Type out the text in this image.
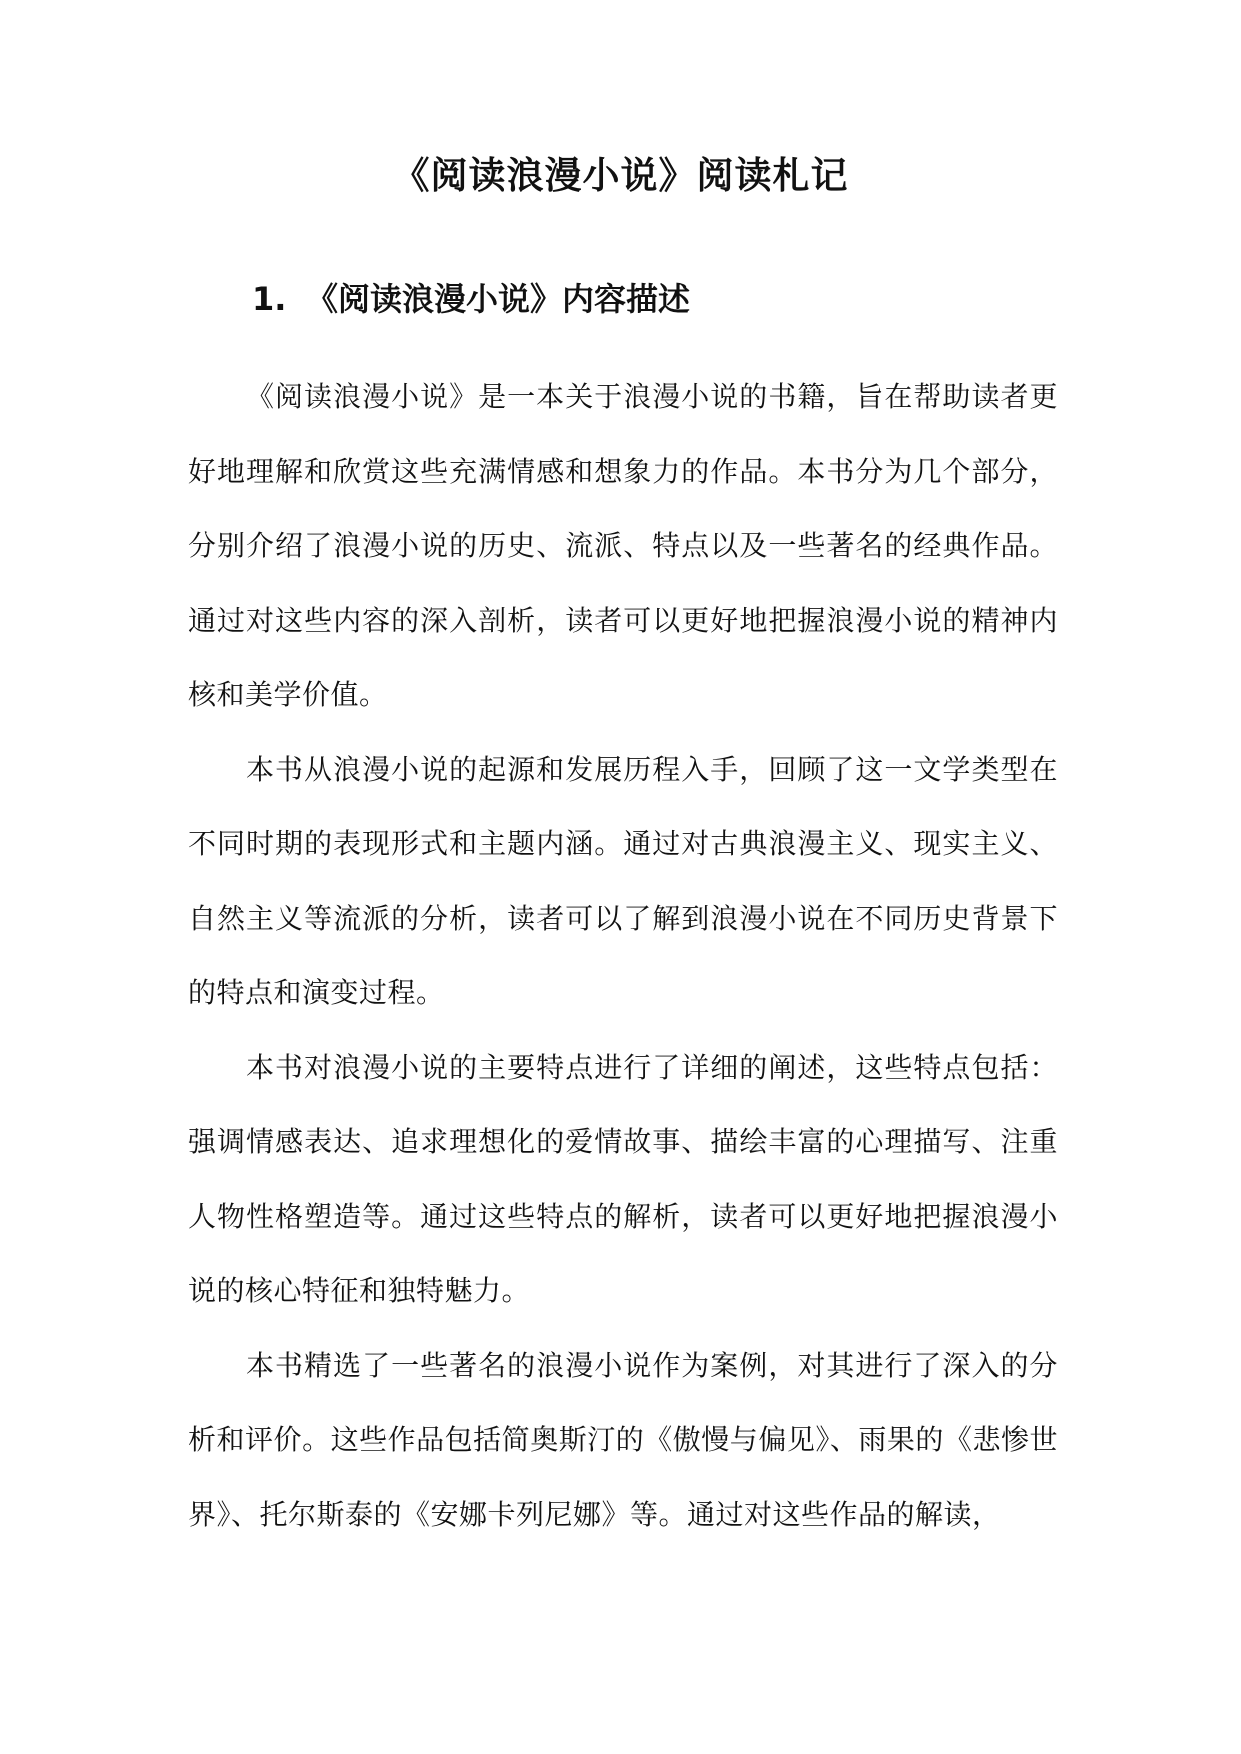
《阅读浪漫小说》阅读札记
1. 《阅读浪漫小说》内容描述

《阅读浪漫小说》是一本关于浪漫小说的书籍，旨在帮助读者更好地理解和欣赏这些充满情感和想象力的作品。本书分为几个部分，分别介绍了浪漫小说的历史、流派、特点以及一些著名的经典作品。通过对这些内容的深入剖析，读者可以更好地把握浪漫小说的精神内核和美学价值。

本书从浪漫小说的起源和发展历程入手，回顾了这一文学类型在不同时期的表现形式和主题内涵。通过对古典浪漫主义、现实主义、自然主义等流派的分析，读者可以了解到浪漫小说在不同历史背景下的特点和演变过程。

本书对浪漫小说的主要特点进行了详细的阐述，这些特点包括：强调情感表达、追求理想化的爱情故事、描绘丰富的心理描写、注重人物性格塑造等。通过这些特点的解析，读者可以更好地把握浪漫小说的核心特征和独特魅力。

本书精选了一些著名的浪漫小说作为案例，对其进行了深入的分析和评价。这些作品包括简奥斯汀的《傲慢与偏见》、雨果的《悲惨世界》、托尔斯泰的《安娜卡列尼娜》等。通过对这些作品的解读，
